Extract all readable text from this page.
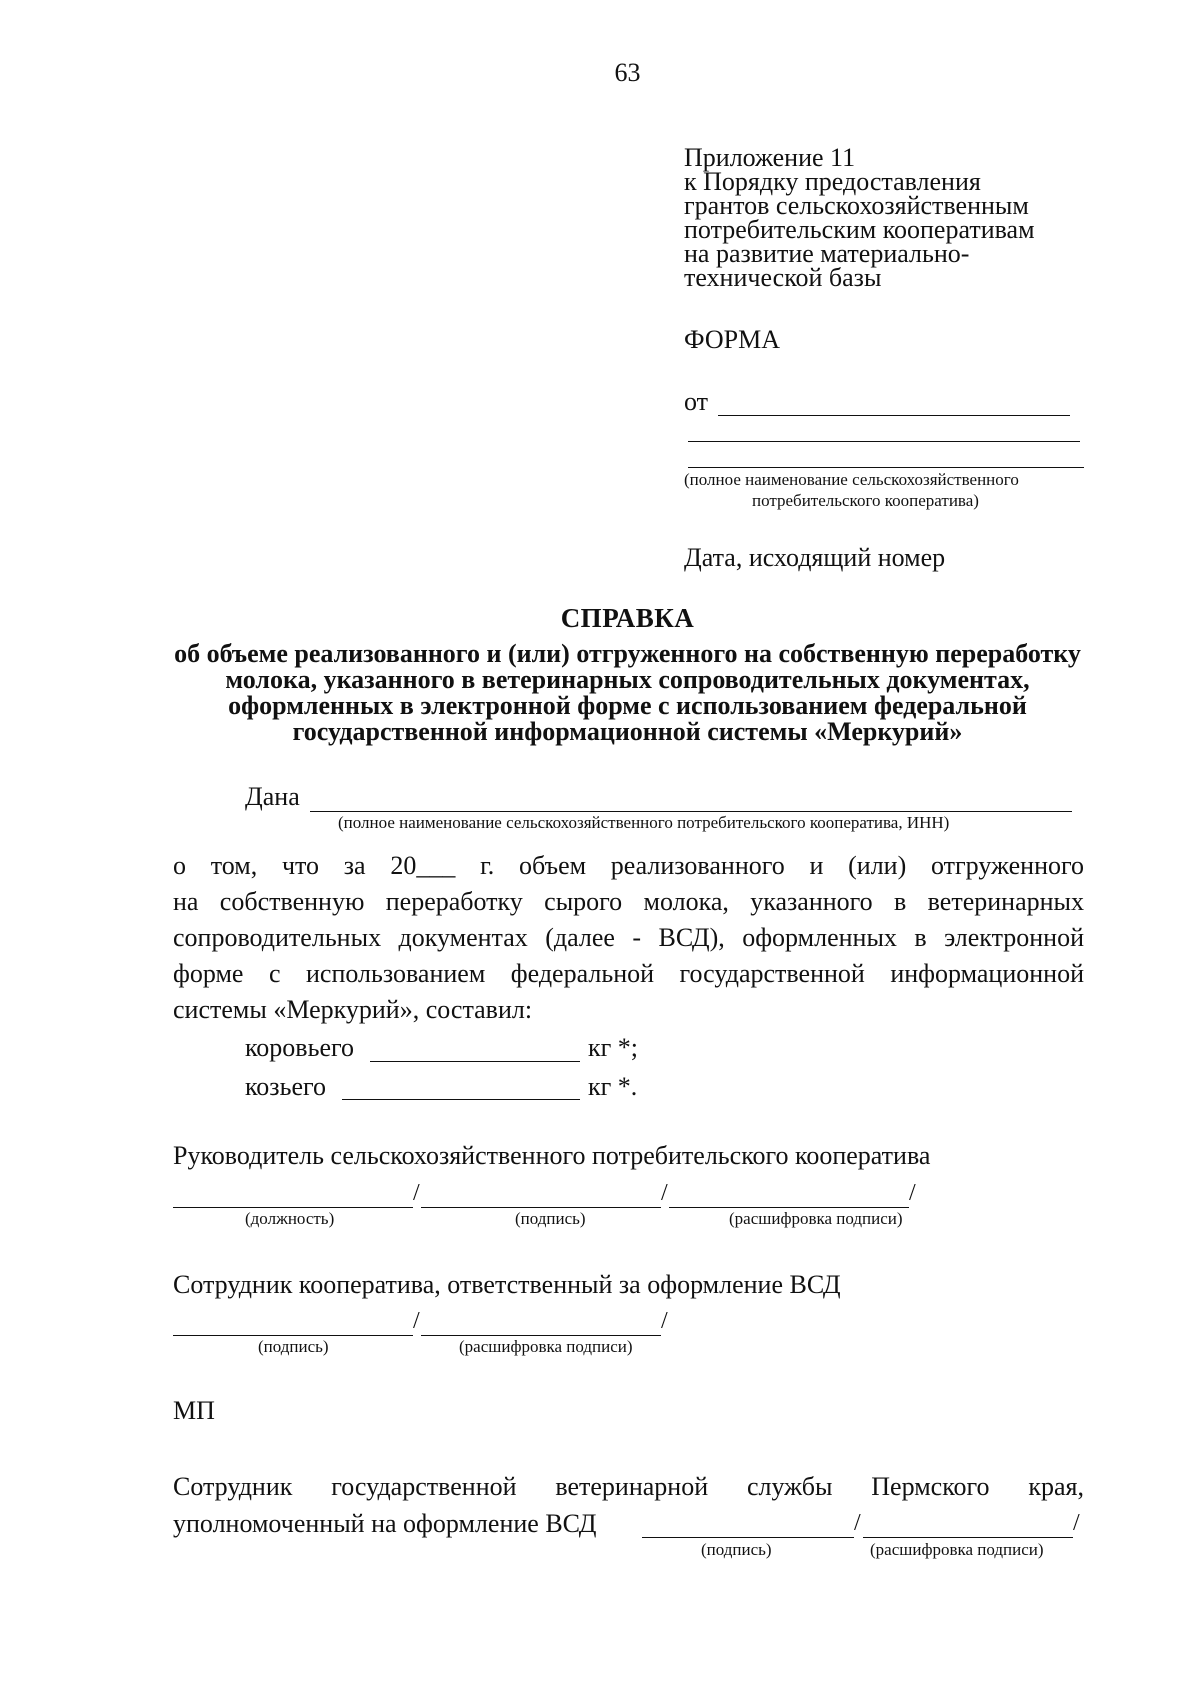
63
Приложение 11
к Порядку предоставления
грантов сельскохозяйственным
потребительским кооперативам
на развитие материально-
технической базы
ФОРМА
от
(полное наименование сельскохозяйственного
потребительского кооператива)
Дата, исходящий номер
СПРАВКА
об объеме реализованного и (или) отгруженного на собственную переработку молока, указанного в ветеринарных сопроводительных документах, оформленных в электронной форме с использованием федеральной государственной информационной системы «Меркурий»
Дана
(полное наименование сельскохозяйственного потребительского кооператива, ИНН)
о том, что за 20___ г. объем реализованного и (или) отгруженного
на собственную переработку сырого молока, указанного в ветеринарных
сопроводительных документах (далее - ВСД), оформленных в электронной
форме с использованием федеральной государственной информационной
системы «Меркурий», составил:
коровьего	кг *;
козьего	кг *.
Руководитель сельскохозяйственного потребительского кооператива
/	/	/
(должность)	(подпись)	(расшифровка подписи)
Сотрудник кооператива, ответственный за оформление ВСД
/	/
(подпись)	(расшифровка подписи)
МП
Сотрудник государственной ветеринарной службы Пермского края,
уполномоченный на оформление ВСД	/	/
(подпись)	(расшифровка подписи)
